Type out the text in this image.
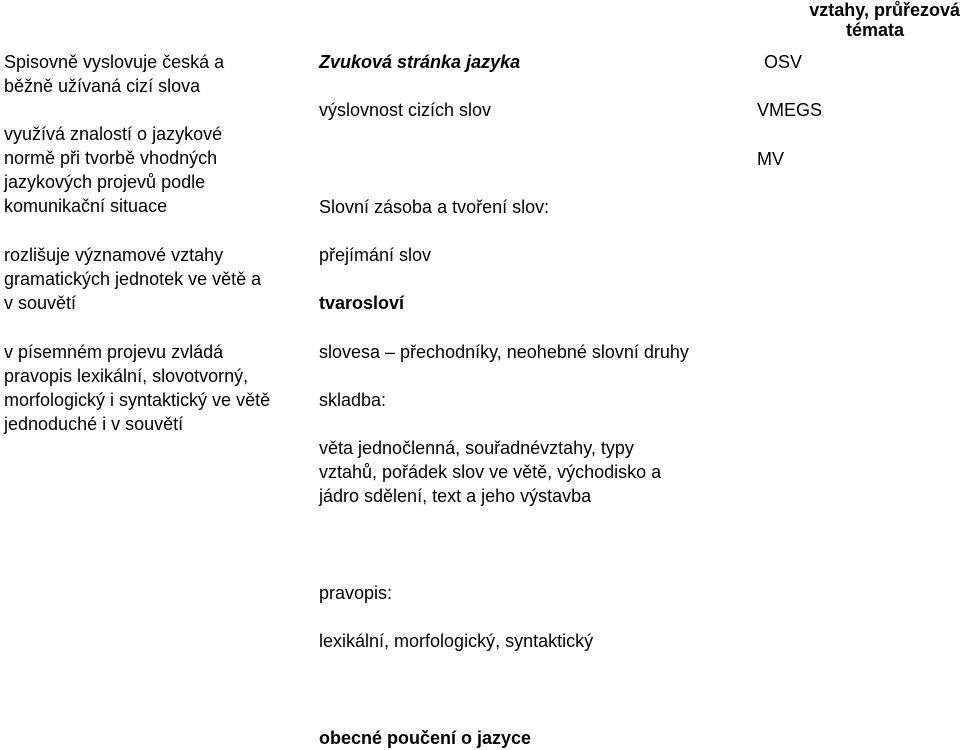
vztahy, průřezová
témata
Spisovně vyslovuje česká a
běžně užívaná cizí slova
využívá znalostí o jazykové
normě při tvorbě vhodných
jazykových projevů podle
komunikační situace
rozlišuje významové vztahy
gramatických jednotek ve větě a
v souvětí
v písemném projevu zvládá
pravopis lexikální, slovotvorný,
morfologický i syntaktický ve větě
jednoduché i v souvětí
Zvuková stránka jazyka
výslovnost cizích slov
Slovní zásoba a tvoření slov:
přejímání slov
tvarosloví
slovesa – přechodníky, neohebné slovní druhy
skladba:
věta jednočlenná, souřadnévztahy, typy
vztahů, pořádek slov ve větě, východisko a
jádro sdělení, text a jeho výstavba
pravopis:
lexikální, morfologický, syntaktický
obecné poučení o jazyce
OSV
VMEGS
MV
